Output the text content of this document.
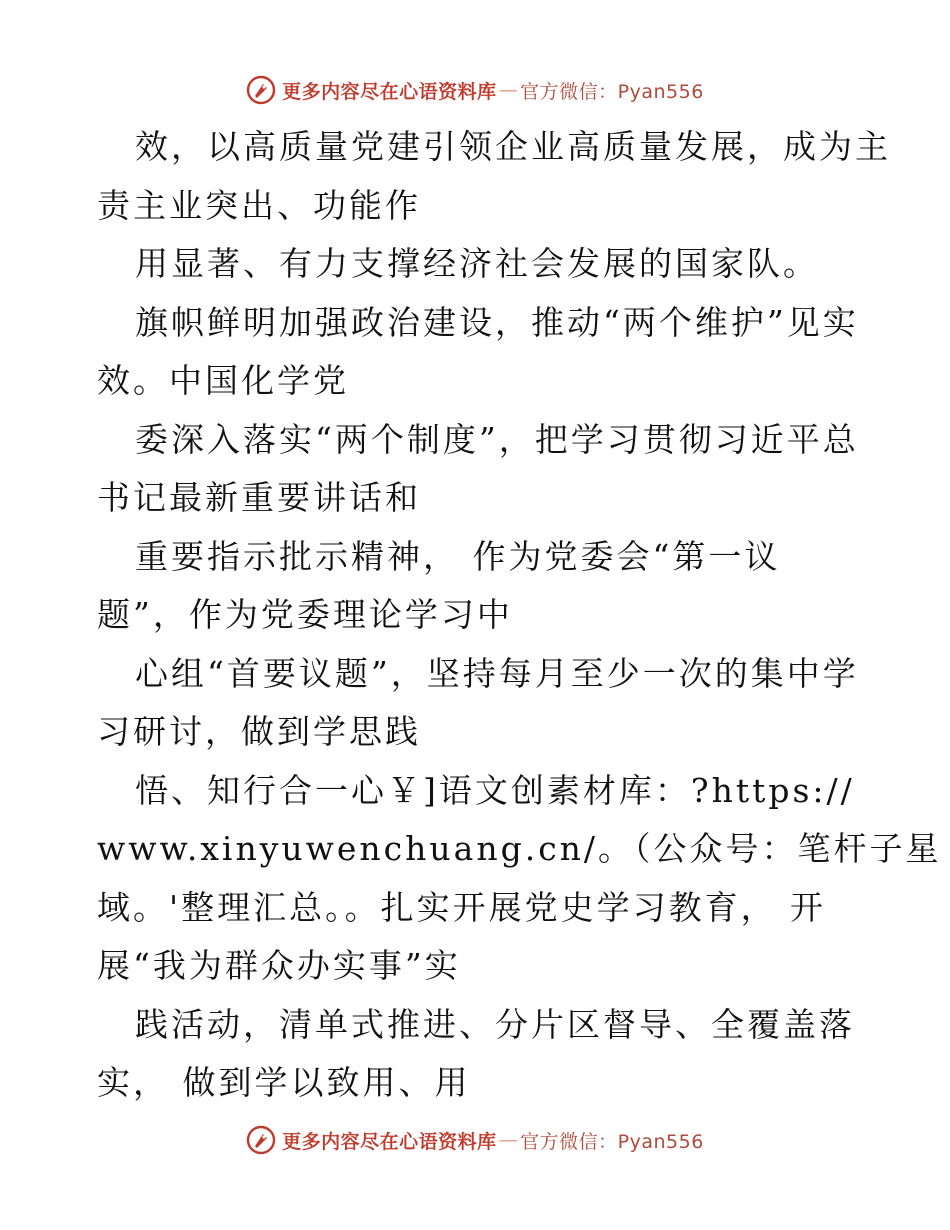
更多内容尽在心语资料库 — 官方微信：Pyan556
效，以高质量党建引领企业高质量发展，成为主
责主业突出、功能作
用显著、有力支撑经济社会发展的国家队。
旗帜鲜明加强政治建设，推动“两个维护”见实
效。中国化学党
委深入落实“两个制度”，把学习贯彻习近平总
书记最新重要讲话和
重要指示批示精神， 作为党委会“第一议
题”，作为党委理论学习中
心组“首要议题”，坚持每月至少一次的集中学
习研讨，做到学思践
悟、知行合一心￥]语文创素材库：?https://
www.xinyuwenchuang.cn/。（公众号：笔杆子星
域。'整理汇总。。扎实开展党史学习教育， 开
展“我为群众办实事”实
践活动，清单式推进、分片区督导、全覆盖落
实， 做到学以致用、用
更多内容尽在心语资料库 — 官方微信：Pyan556
